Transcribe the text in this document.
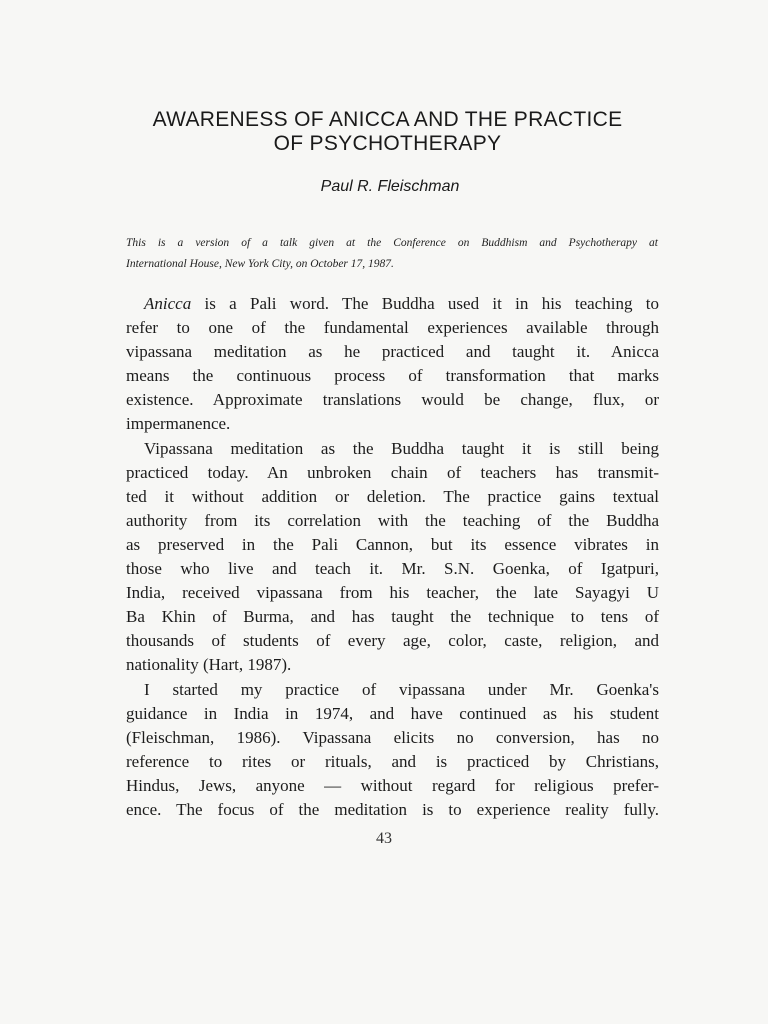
AWARENESS OF ANICCA AND THE PRACTICE
OF PSYCHOTHERAPY
Paul R. Fleischman
This is a version of a talk given at the Conference on Buddhism and Psychotherapy at
International House, New York City, on October 17, 1987.
Anicca is a Pali word. The Buddha used it in his teaching to
refer to one of the fundamental experiences available through
vipassana meditation as he practiced and taught it. Anicca
means the continuous process of transformation that marks
existence. Approximate translations would be change, flux, or
impermanence.
Vipassana meditation as the Buddha taught it is still being
practiced today. An unbroken chain of teachers has transmit-
ted it without addition or deletion. The practice gains textual
authority from its correlation with the teaching of the Buddha
as preserved in the Pali Cannon, but its essence vibrates in
those who live and teach it. Mr. S.N. Goenka, of Igatpuri,
India, received vipassana from his teacher, the late Sayagyi U
Ba Khin of Burma, and has taught the technique to tens of
thousands of students of every age, color, caste, religion, and
nationality (Hart, 1987).
I started my practice of vipassana under Mr. Goenka's
guidance in India in 1974, and have continued as his student
(Fleischman, 1986). Vipassana elicits no conversion, has no
reference to rites or rituals, and is practiced by Christians,
Hindus, Jews, anyone — without regard for religious prefer-
ence. The focus of the meditation is to experience reality fully.
43
